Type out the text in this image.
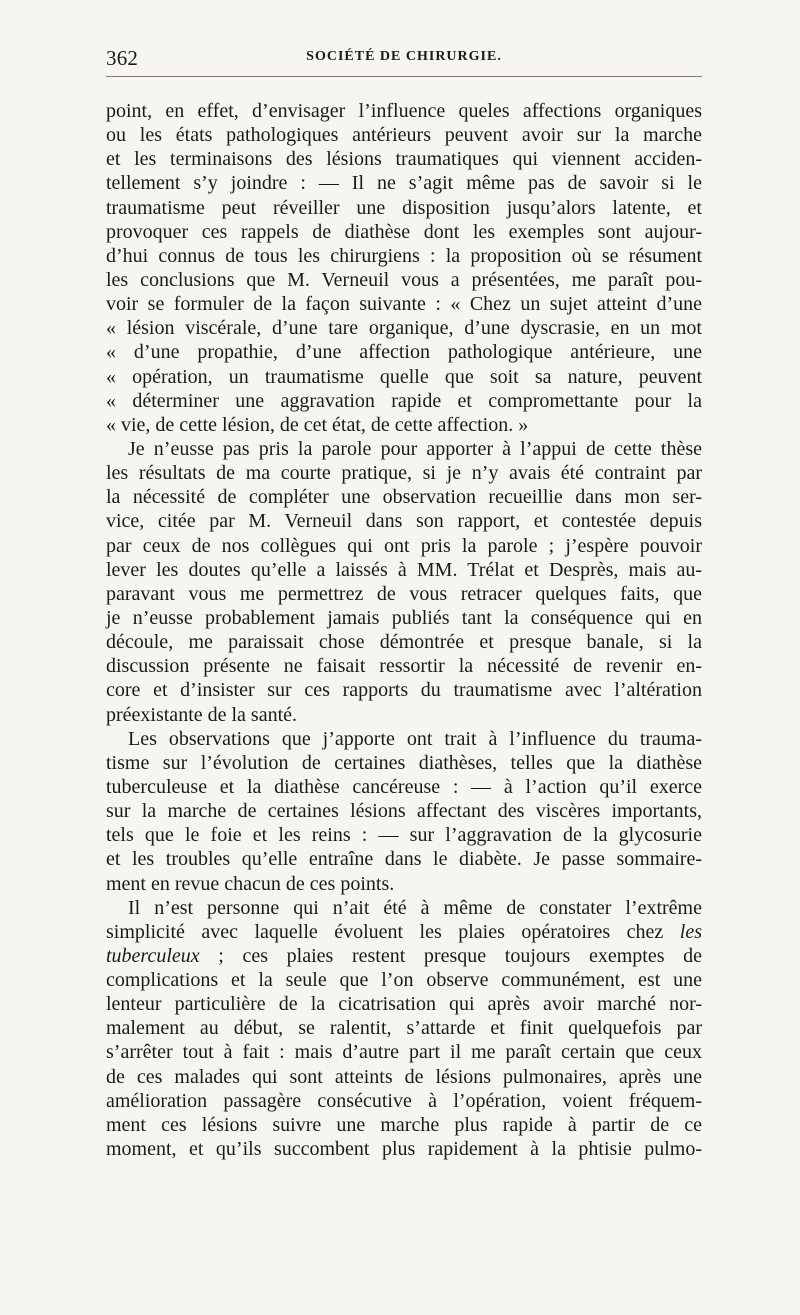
362	SOCIÉTÉ DE CHIRURGIE.
point, en effet, d’envisager l’influence queles affections organiques
ou les états pathologiques antérieurs peuvent avoir sur la marche
et les terminaisons des lésions traumatiques qui viennent acciden-
tellement s’y joindre : — Il ne s’agit même pas de savoir si le
traumatisme peut réveiller une disposition jusqu’alors latente, et
provoquer ces rappels de diathèse dont les exemples sont aujour-
d’hui connus de tous les chirurgiens : la proposition où se résument
les conclusions que M. Verneuil vous a présentées, me paraît pou-
voir se formuler de la façon suivante : « Chez un sujet atteint d’une
« lésion viscérale, d’une tare organique, d’une dyscrasie, en un mot
« d’une propathie, d’une affection pathologique antérieure, une
« opération, un traumatisme quelle que soit sa nature, peuvent
« déterminer une aggravation rapide et compromettante pour la
« vie, de cette lésion, de cet état, de cette affection. »
Je n’eusse pas pris la parole pour apporter à l’appui de cette thèse
les résultats de ma courte pratique, si je n’y avais été contraint par
la nécessité de compléter une observation recueillie dans mon ser-
vice, citée par M. Verneuil dans son rapport, et contestée depuis
par ceux de nos collègues qui ont pris la parole ; j’espère pouvoir
lever les doutes qu’elle a laissés à MM. Trélat et Desprès, mais au-
paravant vous me permettrez de vous retracer quelques faits, que
je n’eusse probablement jamais publiés tant la conséquence qui en
découle, me paraissait chose démontrée et presque banale, si la
discussion présente ne faisait ressortir la nécessité de revenir en-
core et d’insister sur ces rapports du traumatisme avec l’altération
préexistante de la santé.
Les observations que j’apporte ont trait à l’influence du trauma-
tisme sur l’évolution de certaines diathèses, telles que la diathèse
tuberculeuse et la diathèse cancéreuse : — à l’action qu’il exerce
sur la marche de certaines lésions affectant des viscères importants,
tels que le foie et les reins : — sur l’aggravation de la glycosurie
et les troubles qu’elle entraîne dans le diabète. Je passe sommaire-
ment en revue chacun de ces points.
Il n’est personne qui n’ait été à même de constater l’extrême
simplicité avec laquelle évoluent les plaies opératoires chez les
tuberculeux ; ces plaies restent presque toujours exemptes de
complications et la seule que l’on observe communément, est une
lenteur particulière de la cicatrisation qui après avoir marché nor-
malement au début, se ralentit, s’attarde et finit quelquefois par
s’arrêter tout à fait : mais d’autre part il me paraît certain que ceux
de ces malades qui sont atteints de lésions pulmonaires, après une
amélioration passagère consécutive à l’opération, voient fréquem-
ment ces lésions suivre une marche plus rapide à partir de ce
moment, et qu’ils succombent plus rapidement à la phtisie pulmo-
